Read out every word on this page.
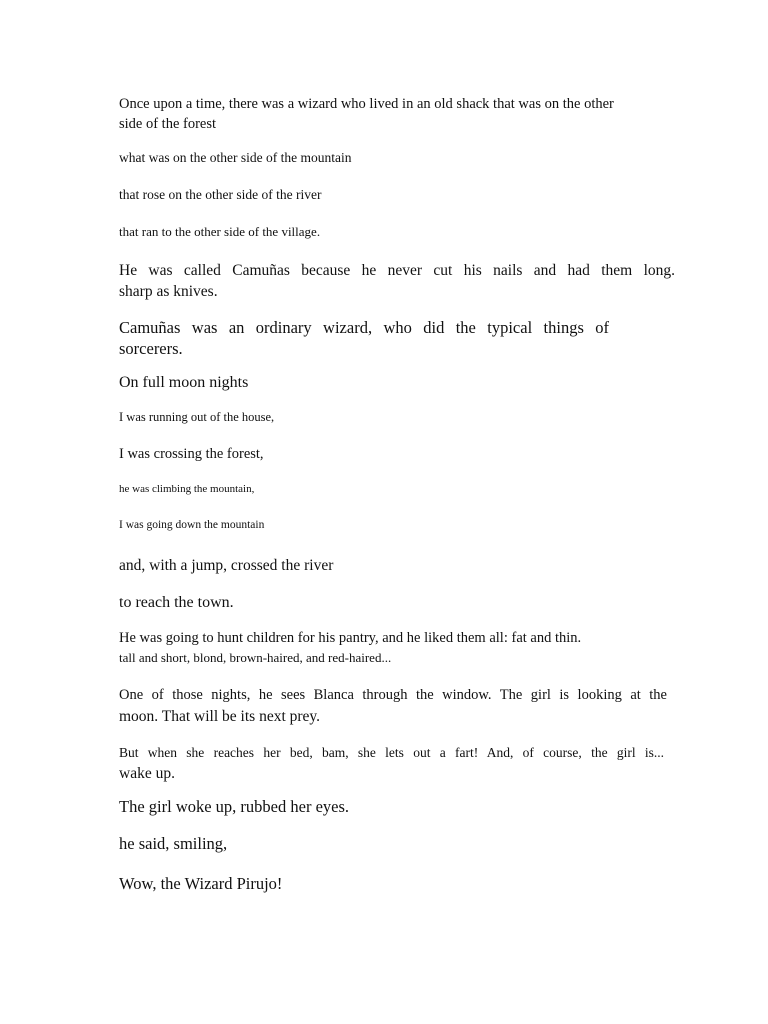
Once upon a time, there was a wizard who lived in an old shack that was on the other
side of the forest

what was on the other side of the mountain

that rose on the other side of the river

that ran to the other side of the village.

He was called Camuñas because he never cut his nails and had them long.
sharp as knives.

Camuñas was an ordinary wizard, who did the typical things of
sorcerers.

On full moon nights

I was running out of the house,

I was crossing the forest,

he was climbing the mountain,

I was going down the mountain

and, with a jump, crossed the river

to reach the town.

He was going to hunt children for his pantry, and he liked them all: fat and thin.
tall and short, blond, brown-haired, and red-haired...

One of those nights, he sees Blanca through the window. The girl is looking at the
moon. That will be its next prey.

But when she reaches her bed, bam, she lets out a fart! And, of course, the girl is...
wake up.

The girl woke up, rubbed her eyes.

he said, smiling,

Wow, the Wizard Pirujo!
